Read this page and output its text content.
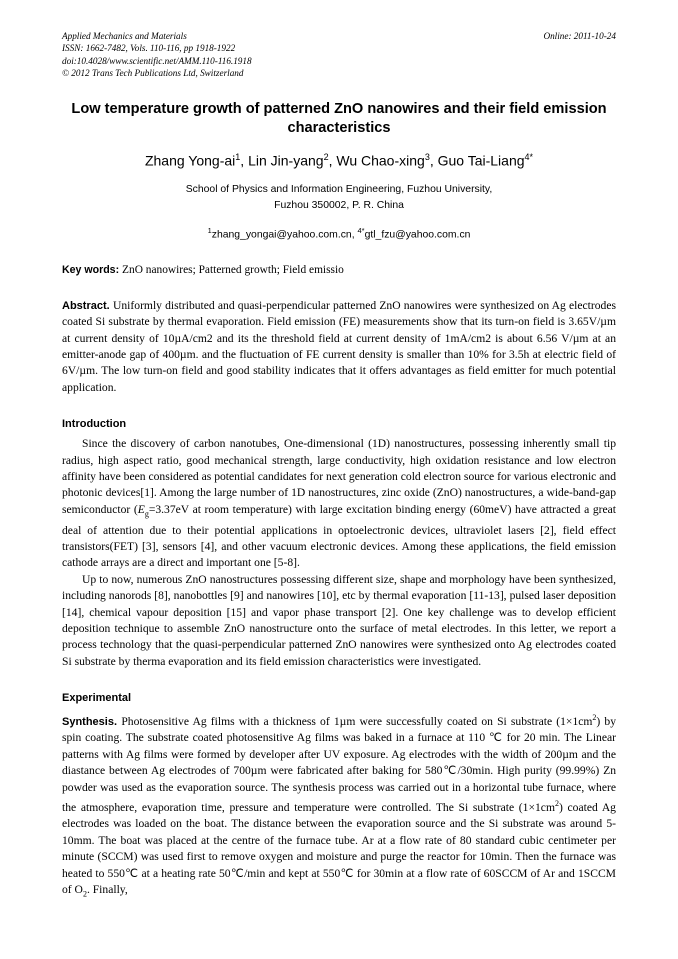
Online: 2011-10-24
Applied Mechanics and Materials
ISSN: 1662-7482, Vols. 110-116, pp 1918-1922
doi:10.4028/www.scientific.net/AMM.110-116.1918
© 2012 Trans Tech Publications Ltd, Switzerland
Low temperature growth of patterned ZnO nanowires and their field emission characteristics
Zhang Yong-$ai^1$, Lin Jin-yang$^2$, Wu Chao-xing$^3$, Guo Tai-Liang$^{4*}$
School of Physics and Information Engineering, Fuzhou University,
Fuzhou 350002, P. R. China
$^1$zhang_yongai@yahoo.com.cn, $^{4*}$gtl_fzu@yahoo.com.cn
Key words: ZnO nanowires; Patterned growth; Field emissio
Abstract. Uniformly distributed and quasi-perpendicular patterned ZnO nanowires were synthesized on Ag electrodes coated Si substrate by thermal evaporation. Field emission (FE) measurements show that its turn-on field is 3.65V/µm at current density of 10µA/cm2 and its the threshold field at current density of 1mA/cm2 is about 6.56 V/µm at an emitter-anode gap of 400µm. and the fluctuation of FE current density is smaller than 10% for 3.5h at electric field of 6V/µm. The low turn-on field and good stability indicates that it offers advantages as field emitter for much potential application.
Introduction

Since the discovery of carbon nanotubes, One-dimensional (1D) nanostructures, possessing inherently small tip radius, high aspect ratio, good mechanical strength, large conductivity, high oxidation resistance and low electron affinity have been considered as potential candidates for next generation cold electron source for various electronic and photonic devices[1]. Among the large number of 1D nanostructures, zinc oxide (ZnO) nanostructures, a wide-band-gap semiconductor ($E_g=3.37eV$ at room temperature) with large excitation binding energy (60meV) have attracted a great deal of attention due to their potential applications in optoelectronic devices, ultraviolet lasers [2], field effect transistors(FET) [3], sensors [4], and other vacuum electronic devices. Among these applications, the field emission cathode arrays are a direct and important one [5-8].

Up to now, numerous ZnO nanostructures possessing different size, shape and morphology have been synthesized, including nanorods [8], nanobottles [9] and nanowires [10], etc by thermal evaporation [11-13], pulsed laser deposition [14], chemical vapour deposition [15] and vapor phase transport [2]. One key challenge was to develop efficient deposition technique to assemble ZnO nanostructure onto the surface of metal electrodes. In this letter, we report a process technology that the quasi-perpendicular patterned ZnO nanowires were synthesized onto Ag electrodes coated Si substrate by therma evaporation and its field emission characteristics were investigated.

Experimental

Synthesis. Photosensitive Ag films with a thickness of 1µm were successfully coated on Si substrate $(1\times 1cm^2)$ by spin coating. The substrate coated photosensitive Ag films was baked in a furnace at 110 ℃ for 20 min. The Linear patterns with Ag films were formed by developer after UV exposure. Ag electrodes with the width of 200µm and the diastance between Ag electrodes of 700µm were fabricated after baking for 580℃/30min. High purity (99.99%) Zn powder was used as the evaporation source. The synthesis process was carried out in a horizontal tube furnace, where the atmosphere, evaporation time, pressure and temperature were controlled. The Si substrate $(1\times 1cm^2)$ coated Ag electrodes was loaded on the boat. The distance between the evaporation source and the Si substrate was around 5-10mm. The boat was placed at the centre of the furnace tube. Ar at a flow rate of 80 standard cubic centimeter per minute (SCCM) was used first to remove oxygen and moisture and purge the reactor for 10min. Then the furnace was heated to 550℃ at a heating rate 50℃/min and kept at 550℃ for 30min at a flow rate of 60SCCM of Ar and 1SCCM of $O_2$. Finally,
